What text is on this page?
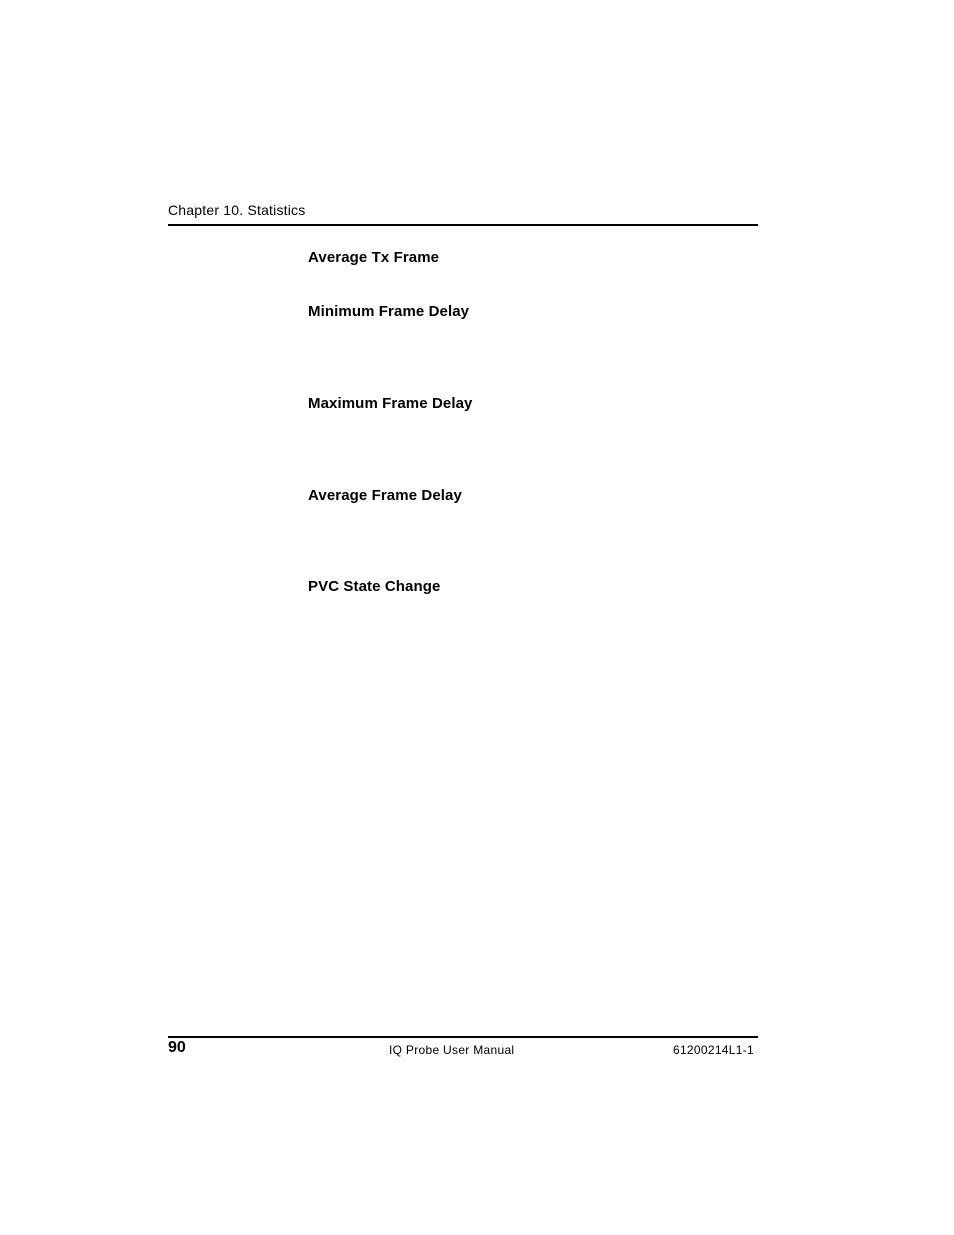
Chapter 10. Statistics
Average Tx Frame
Minimum Frame Delay
Maximum Frame Delay
Average Frame Delay
PVC State Change
90	IQ Probe User Manual	61200214L1-1
